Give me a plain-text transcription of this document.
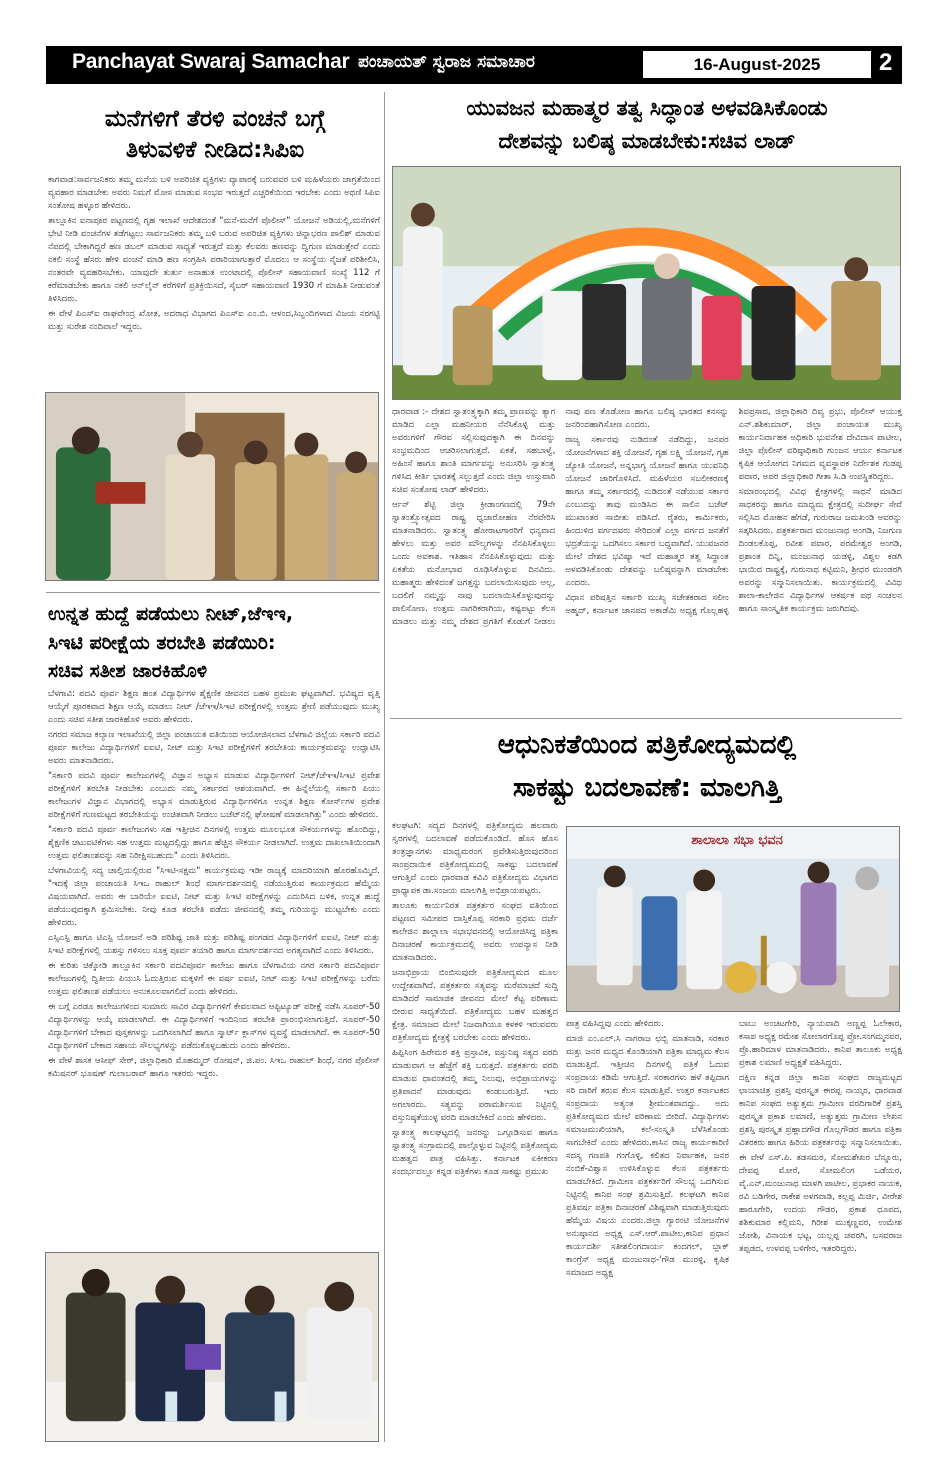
Panchayat Swaraj Samachar ಪಂಚಾಯತ್ ಸ್ವರಾಜ ಸಮಾಚಾರ	16-August-2025	2
ಮನೆಗಳಿಗೆ ತೆರಳಿ ವಂಚನೆ ಬಗ್ಗೆ
ತಿಳುವಳಿಕೆ ನೀಡಿದ:ಸಿಪಿಐ

ಕಾಗವಾಡ:ಸಾರ್ವಜನಿಕರು ತಮ್ಮ ಮನೆಯ ಬಳಿ ಅಪರಿಚಿತ ವ್ಯಕ್ತಿಗಳು ವ್ಯಾಪಾರಕ್ಕೆ ಬರುವವರ ಬಳಿ ಮಹಿಳೆಯರು ಜಾಗ್ರತೆಯಿಂದ ವ್ಯವಹಾರ ಮಾಡಬೇಕು ಅವರು ನಿಮಗೆ ಮೋಸ ಮಾಡುವ ಸಂಭವ ಇರುತ್ತದೆ ಎಚ್ಚರಿಕೆಯಿಂದ ಇರಬೇಕು ಎಂದು ಅಥಣಿ ಸಿಪಿಐ ಸಂತೋಷ ಹಳ್ಳೂರ ಹೇಳಿದರು.

ತಾಲ್ಲೂಕಿನ ಐನಾಪೂರ ಪಟ್ಟಣದಲ್ಲಿ ಗೃಹ ಇಲಾಖೆ ಆದೇಶದಂತೆ "ಮನೆ-ಮನೆಗೆ ಪೊಲೀಸ್" ಯೋಜನೆ ಅಡಿಯಲ್ಲಿ,ಮನೆಗಳಿಗೆ ಭೇಟಿ ನೀಡಿ ವಂಚನೆಗಳ ತಡೆಗಟ್ಟಲು ಸಾರ್ವಜನಿಕರು ತಮ್ಮ ಬಳಿ ಬರುವ ಅಪರಿಚಿತ ವ್ಯಕ್ತಿಗಳು ಚಿನ್ನಾಭರಣ ಪಾಲಿಶ್ ಮಾಡುವ ನೆಪದಲ್ಲಿ ಬೇಕಾಗಿದ್ದರೆ ಹಣ ಡಬಲ್ ಮಾಡುವ ಸಾಧ್ಯತೆ ಇರುತ್ತದೆ ಮತ್ತು ಕೆಲವರು ಹಣವನ್ನು ದ್ವಿಗುಣ ಮಾಡುತ್ತೇವೆ ಎಂದು ನಕಲಿ ಸಂಸ್ಥೆ ಹೆಸರು ಹೇಳಿ ವಂಚನೆ ಮಾಡಿ ಹಣ ಸಂಗ್ರಹಿಸಿ ಪರಾರಿಯಾಗುತ್ತಾರೆ ಮೊದಲು ಆ ಸಂಸ್ಥೆಯ ನೈಜತೆ ಪರಿಶೀಲಿಸಿ, ನಂತರವೇ ವ್ಯವಹರಿಸಬೇಕು. ಯಾವುದೇ ತುರ್ತು ಅನಾಹುತ ಉಂಟಾದಲ್ಲಿ ಪೊಲೀಸ್ ಸಹಾಯವಾಣಿ ಸಂಖ್ಯೆ 112 ಗೆ ಕರೆಮಾಡಬೇಕು ಹಾಗೂ ನಕಲಿ ಆನ್‌ಲೈನ್ ಕರೆಗಳಿಗೆ ಪ್ರತಿಕ್ರಿಯಿಸದೆ, ಸೈಬರ್ ಸಹಾಯವಾಣಿ 1930 ಗೆ ಮಾಹಿತಿ ನೀಡುವಂತೆ ತಿಳಿಸಿದರು.

ಈ ವೇಳೆ ಪಿಎಸ್ಐ ರಾಘವೇಂದ್ರ ಖೋತ, ಅದರಾಧ ವಿಭಾಗದ ಪಿಎಸ್ಐ ಎಂ.ಬಿ. ಆಳಂದ,ಸಿಬ್ಬಂದಿಗಳಾದ ವಿಜಯ ನರಗಟ್ಟಿ ಮತ್ತು ಸುರೇಶ ನಂದಿವಾಲೆ ಇದ್ದರು.

ಉನ್ನತ ಹುದ್ದೆ ಪಡೆಯಲು ನೀಟ್,ಜೆಇಇ,
ಸಿಇಟಿ ಪರೀಕ್ಷೆಯ ತರಬೇತಿ ಪಡೆಯಿರಿ:
ಸಚಿವ ಸತೀಶ ಜಾರಕಿಹೊಳಿ

ಬೆಳಗಾವಿ: ಪದವಿ ಪೂರ್ವ ಶಿಕ್ಷಣ ಹಂತ ವಿದ್ಯಾರ್ಥಿಗಳ ಶೈಕ್ಷಣಿಕ ಜೀವನದ ಬಹಳ ಪ್ರಮುಖ ಘಟ್ಟವಾಗಿದೆ. ಭವಿಷ್ಯದ ವೃತ್ತಿ ಆಯ್ಕೆಗೆ ಪೂರಕವಾದ ಶಿಕ್ಷಣ ಆಯ್ಕೆ ಮಾಡಲು ನೀಟ್ /ಜೆಇಇ/ಸಿಇಟಿ ಪರೀಕ್ಷೆಗಳಲ್ಲಿ ಉತ್ತಮ ಶ್ರೇಣಿ ಪಡೆಯುವುದು ಮುಖ್ಯ ಎಂದು ಸಚಿವ ಸತೀಶ ಜಾರಕಿಹೊಳಿ ಅವರು ಹೇಳಿದರು.

ನಗರದ ಸಮಾಜ ಕಲ್ಯಾಣ ಇಲಾಖೆಯಲ್ಲಿ ಜಿಲ್ಲಾ ಪಂಚಾಯತ ವತಿಯಿಂದ ಆಯೋಜಿಸಲಾದ ಬೆಳಗಾವಿ ಜಿಲ್ಲೆಯ ಸರ್ಕಾರಿ ಪದವಿ ಪೂರ್ವ ಕಾಲೇಜು ವಿದ್ಯಾರ್ಥಿಗಳಿಗೆ ಐಐಟಿ, ನೀಟ್ ಮತ್ತು ಸಿಇಟಿ ಪರೀಕ್ಷೆಗಳಿಗೆ ತರಬೇತಿಯ ಕಾರ್ಯಕ್ರಮವನ್ನು ಉದ್ಘಾಟಿಸಿ ಅವರು ಮಾತನಾಡಿದರು.

"ಸರ್ಕಾರಿ ಪದವಿ ಪೂರ್ವ ಕಾಲೇಜುಗಳಲ್ಲಿ ವಿಜ್ಞಾನ ಅಭ್ಯಾಸ ಮಾಡುವ ವಿದ್ಯಾರ್ಥಿಗಳಿಗೆ ನೀಟ್/ಜೆಇಇ/ಸಿಇಟಿ ಪ್ರವೇಶ ಪರೀಕ್ಷೆಗಳಿಗೆ ತರಬೇತಿ ನೀಡಬೇಕು ಎಂಬುದು ನಮ್ಮ ಸರ್ಕಾರದ ಆಶಯವಾಗಿದೆ. ಈ ಹಿನ್ನೆಲೆಯಲ್ಲಿ ಸರ್ಕಾರಿ ಪಿಯು ಕಾಲೇಜುಗಳ ವಿಜ್ಞಾನ ವಿಭಾಗದಲ್ಲಿ ಅಭ್ಯಾಸ ಮಾಡುತ್ತಿರುವ ವಿದ್ಯಾರ್ಥಿಗಳಿಗೂ ಉನ್ನತ ಶಿಕ್ಷಣ ಕೋರ್ಸ್‌ಗಳ ಪ್ರವೇಶ ಪರೀಕ್ಷೆಗಳಿಗೆ ಗುಣಮಟ್ಟದ ತರಬೇತಿಯನ್ನು ಉಚಿತವಾಗಿ ನೀಡಲು ಬಜೆಟ್‌ನಲ್ಲಿ ಘೋಷಣೆ ಮಾಡಲಾಗಿತ್ತು" ಎಂದು ಹೇಳಿದರು.

"ಸರ್ಕಾರಿ ಪದವಿ ಪೂರ್ವ ಕಾಲೇಜುಗಳು ಸಹ ಇತ್ತೀಚಿನ ದಿನಗಳಲ್ಲಿ ಉತ್ತಮ ಮೂಲಭೂತ ಸೌಕರ್ಯಗಳನ್ನು ಹೊಂದಿದ್ದು, ಶೈಕ್ಷಣಿಕ ಚಟುವಟಿಕೆಗಳು ಸಹ ಉತ್ತಮ ಮಟ್ಟದಲ್ಲಿದ್ದು ಹಾಗೂ ಹೆಚ್ಚಿನ ಸೌಕರ್ಯ ನೀಡಲಾಗಿದೆ. ಉತ್ತಮ ದಾಖಲಾತಿಯಿಂದಾಗಿ ಉತ್ತಮ ಫಲಿತಾಂಶವನ್ನು ಸಹ ನಿರೀಕ್ಷಿಸಬಹುದು" ಎಂದು ತಿಳಿಸಿದರು.

ಬೆಳಗಾವಿಯಲ್ಲಿ ಸದ್ಯ ಚಾಲ್ತಿಯಲ್ಲಿರುವ "ಸಿಇಟಿ-ಸಕ್ಷಮ" ಕಾರ್ಯಕ್ರಮವು ಇಡೀ ರಾಜ್ಯಕ್ಕೆ ಮಾದರಿಯಾಗಿ ಹೊರಹೊಮ್ಮಿದೆ. "ಇದಕ್ಕೆ ಜಿಲ್ಲಾ ಪಂಚಾಯತಿ ಸಿಇಒ ರಾಹುಲ್ ಶಿಂಧೆ ಮಾರ್ಗದರ್ಶನದಲ್ಲಿ ನಡೆಯುತ್ತಿರುವ ಕಾರ್ಯಕ್ರಮದ ಹೆಮ್ಮೆಯ ವಿಷಯವಾಗಿದೆ. ಅವರು ಈ ಬಾರಿಯೇ ಐಐಟಿ, ನೀಟ್ ಮತ್ತು ಸಿಇಟಿ ಪರೀಕ್ಷೆಗಳನ್ನು ಎದುರಿಸಿದ ಬಳಿಕ, ಉನ್ನತ ಹುದ್ದೆ ಪಡೆಯುವುದಕ್ಕಾಗಿ ಶ್ರಮಿಸಬೇಕು. ನೀವು ಕೂಡ ತರಬೇತಿ ಪಡೆದು ಜೀವನದಲ್ಲಿ ತಮ್ಮ ಗುರಿಯನ್ನು ಮುಟ್ಟಬೇಕು ಎಂದು ಹೇಳಿದರು.

ಎಸ್ಸಿಎಸ್ಪಿ ಹಾಗೂ ಟಿಎಸ್ಪಿ ಯೋಜನೆ ಅಡಿ ಪರಿಶಿಷ್ಟ ಜಾತಿ ಮತ್ತು ಪರಿಶಿಷ್ಟ ಪಂಗಡದ ವಿದ್ಯಾರ್ಥಿಗಳಿಗೆ ಐಐಟಿ, ನೀಟ್ ಮತ್ತು ಸಿಇಟಿ ಪರೀಕ್ಷೆಗಳಲ್ಲಿ ಯಶಸ್ಸು ಗಳಿಸಲು ಸೂಕ್ತ ಪೂರ್ವ ತಯಾರಿ ಹಾಗೂ ಮಾರ್ಗದರ್ಶನದ ಅಗತ್ಯವಾಗಿದೆ ಎಂದು ತಿಳಿಸಿದರು.

ಈ ಕುರಿತು ಚಿಕ್ಕೋಡಿ ತಾಲ್ಲೂಕಿನ ಸರ್ಕಾರಿ ಪದವಿಪೂರ್ವ ಕಾಲೇಜು ಹಾಗೂ ಬೆಳಗಾವಿಯ ನಗರ ಸರ್ಕಾರಿ ಪದವಿಪೂರ್ವ ಕಾಲೇಜುಗಳಲ್ಲಿ ದ್ವಿತೀಯ ಪಿಯುಸಿ ಓದುತ್ತಿರುವ ಮಕ್ಕಳಿಗೆ ಈ ವರ್ಷ ಐಐಟಿ, ನೀಟ್ ಮತ್ತು ಸಿಇಟಿ ಪರೀಕ್ಷೆಗಳನ್ನು ಬರೆದು ಉತ್ತಮ ಫಲಿತಾಂಶ ಪಡೆಯಲು ಅನುಕೂಲವಾಗಲಿದೆ ಎಂದು ಹೇಳಿದರು.

ಈ ಬಗ್ಗೆ ಎರಡೂ ಕಾಲೇಜುಗಳಿಂದ ಸುಮಾರು ಸಾವಿರ ವಿದ್ಯಾರ್ಥಿಗಳಿಗೆ ಕೇವಲವಾದ ಆಪ್ಟಿಟ್ಯೂಡ್ ಪರೀಕ್ಷೆ ನಡೆಸಿ ಸೂಪರ್-50 ವಿದ್ಯಾರ್ಥಿಗಳನ್ನು ಆಯ್ಕೆ ಮಾಡಲಾಗಿದೆ. ಈ ವಿದ್ಯಾರ್ಥಿಗಳಿಗೆ ಇಂದಿನಿಂದ ತರಬೇತಿ ಪ್ರಾರಂಭಿಸಲಾಗುತ್ತಿದೆ. ಸೂಪರ್-50 ವಿದ್ಯಾರ್ಥಿಗಳಿಗೆ ಬೇಕಾದ ಪುಸ್ತಕಗಳನ್ನು ಒದಗಿಸಲಾಗಿದೆ ಹಾಗೂ ಸ್ಮಾರ್ಟ್ ಕ್ಲಾಸ್‌ಗಳ ವ್ಯವಸ್ಥೆ ಮಾಡಲಾಗಿದೆ. ಈ ಸೂಪರ್-50 ವಿದ್ಯಾರ್ಥಿಗಳಿಗೆ ಬೇಕಾದ ಸಹಾಯ ಸೌಲಭ್ಯಗಳನ್ನು ಪಡೆದುಕೊಳ್ಳಬಹುದು ಎಂದು ಹೇಳಿದರು.

ಈ ವೇಳೆ ಶಾಸಕ ಆಸೀಫ್ ಸೇಠ್, ಜಿಲ್ಲಾಧಿಕಾರಿ ಮೊಹಮ್ಮದ್ ರೋಷನ್, ಜಿ.ಪಂ. ಸಿಇಒ ರಾಹುಲ್ ಶಿಂಧೆ, ನಗರ ಪೊಲೀಸ್ ಕಮಿಷನರ್ ಭೂಷಣ್ ಗುಲಾಬರಾವ್ ಹಾಗೂ ಇತರರು ಇದ್ದರು.

ಯುವಜನ ಮಹಾತ್ಮರ ತತ್ವ ಸಿದ್ಧಾಂತ ಅಳವಡಿಸಿಕೊಂಡು
ದೇಶವನ್ನು ಬಲಿಷ್ಠ ಮಾಡಬೇಕು:ಸಚಿವ ಲಾಡ್

ಧಾರವಾಡ :- ದೇಶದ ಸ್ವಾತಂತ್ರ್ಯಕ್ಕಾಗಿ ತಮ್ಮ ಪ್ರಾಣವನ್ನು ತ್ಯಾಗ ಮಾಡಿದ ಎಲ್ಲಾ ಮಹನೀಯರ ನೆನೆಸಿಕೊಳ್ಳಿ ಮತ್ತು ಅವರುಗಳಿಗೆ ಗೌರವ ಸಲ್ಲಿಸುವುದಕ್ಕಾಗಿ ಈ ದಿನವನ್ನು ಸಂಭ್ರಮದಿಂದ ಆಚರಿಸಲಾಗುತ್ತದೆ. ಏಕತೆ, ಸಹಬಾಳ್ವೆ, ಅಹಿಂಸೆ ಹಾಗೂ ಶಾಂತಿ ಮಾರ್ಗವನ್ನು ಅನುಸರಿಸಿ ಸ್ವಾತಂತ್ರ್ಯ ಗಳಿಸಿದ ಕೀರ್ತಿ ಭಾರತಕ್ಕೆ ಸಲ್ಲುತ್ತದೆ ಎಂದು ಜಿಲ್ಲಾ ಉಸ್ತುವಾರಿ ಸಚಿವ ಸಂತೋಷ ಲಾಡ್ ಹೇಳಿದರು.

ರ್ಆನ್ ಶೆಟ್ಟಿ ಜಿಲ್ಲಾ ಕ್ರೀಡಾಂಗಣದಲ್ಲಿ 79ನೇ ಸ್ವಾತಂತ್ರ್ಯೋತ್ಸವದ ರಾಷ್ಟ್ರ ಧ್ವಜಾರೋಹಣ ನೆರವೇರಿಸಿ ಮಾತನಾಡಿದರು. ಸ್ವಾತಂತ್ರ್ಯ ಹೋರಾಟಗಾರರಿಗೆ ಧನ್ಯವಾದ ಹೇಳಲು ಮತ್ತು ಅವರ ಮೌಲ್ಯಗಳನ್ನು ನೆನಪಿಸಿಕೊಳ್ಳಲು ಒಂದು ಅವಕಾಶ. ಇತಿಹಾಸ ನೆನಪಿಸಿಕೊಳ್ಳುವುದು ಮತ್ತು ಏಕತೆಯ ಮನೋಭಾವ ರೂಢಿಸಿಕೊಳ್ಳುವ ದಿನವಿದು. ಮಹಾತ್ಮರು ಹೇಳಿದಂತೆ ಜಗತ್ತನ್ನು ಬದಲಾಯಿಸುವುದು ಅಲ್ಲ, ಬದಲಿಗೆ ನಮ್ಮನ್ನು ನಾವು ಬದಲಾಯಿಸಿಕೊಳ್ಳುವುದನ್ನು ಪಾಲಿಸೋಣ. ಉತ್ತಮ ನಾಗರಿಕರಾಗಿಯ, ಕಷ್ಟಪಟ್ಟು ಕೆಲಸ ಮಾಡಲು ಮತ್ತು ನಮ್ಮ ದೇಶದ ಪ್ರಗತಿಗೆ ಕೊಡುಗೆ ನೀಡಲು ನಾವು ಪಣ ತೊಡೋಣ ಹಾಗೂ ಬಲಿಷ್ಠ ಭಾರತದ ಕನಸನ್ನು ಜನರಿಂದಹಾಗಿಸೋಣ ಎಂದರು.

ರಾಜ್ಯ ಸರ್ಕಾರವು ನುಡಿದಂತೆ ನಡೆದಿದ್ದು, ಜನಪರ ಯೋಜನೆಗಳಾದ ಶಕ್ತಿ ಯೋಜನೆ, ಗೃಹ ಲಕ್ಷ್ಮಿ ಯೋಜನೆ, ಗೃಹ ಜ್ಯೋತಿ ಯೋಜನೆ, ಅನ್ನಭಾಗ್ಯ ಯೋಜನೆ ಹಾಗೂ ಯುವನಿಧಿ ಯೋಜನೆ ಜಾರಿಗೊಳಿಸಿದೆ. ಮಹಿಳೆಯರ ಸಬಲೀಕರಣಕ್ಕೆ ಹಾಗೂ ತಮ್ಮ ಸರ್ಕಾರದಲ್ಲಿ ನುಡಿದಂತೆ ನಡೆಯುವ ಸರ್ಕಾರ ಎಂಬುದನ್ನು ತಾವು ಮಂಡಿಸಿದ ಈ ಸಾಲಿನ ಬಜೆಟ್ ಮುಖಾಂತರ ಸಾಬೀತು ಪಡಿಸಿದೆ. ರೈತರು, ಕಾರ್ಮಿಕರು, ಹಿಂದುಳಿದ ವರ್ಗದವರು ಸೇರಿದಂತೆ ಎಲ್ಲಾ ವರ್ಗದ ಜನತೆಗೆ ಭದ್ರತೆಯನ್ನು ಒದಗಿಸಲು ಸರ್ಕಾರ ಬದ್ಧವಾಗಿದೆ. ಯುವಜನರ ಮೇಲೆ ದೇಶದ ಭವಿಷ್ಯಾ ಇದೆ ಮಹಾತ್ಮರ ತತ್ವ ಸಿದ್ಧಾಂತ ಅಳವಡಿಸಿಕೊಂಡು ದೇಶವನ್ನು ಬಲಿಷ್ಠವನ್ನಾಗಿ ಮಾಡಬೇಕು ಎಂದರು.

ವಿಧಾನ ಪರಿಷತ್ತಿನ ಸರ್ಕಾರಿ ಮುಖ್ಯ ಸಚೇತಕರಾದ ಸಲೀಂ ಅಹ್ಮದ್, ಕರ್ನಾಟಕ ಜಾನಪದ ಅಕಾಡೆಮಿ ಅಧ್ಯಕ್ಷ ಗೊಲ್ಲಹಳ್ಳಿ ಶಿವಪ್ರಸಾದ, ಜಿಲ್ಲಾಧಿಕಾರಿ ದಿವ್ಯ ಪ್ರಭು, ಪೊಲೀಸ್ ಆಯುಕ್ತ ಎನ್.ಶಶಿಕುಮಾರ್, ಜಿಲ್ಲಾ ಪಂಚಾಯತ ಮುಖ್ಯ ಕಾರ್ಯನಿರ್ವಾಹಕ ಅಧಿಕಾರಿ ಭುವನೇಶ ದೇವಿದಾಸ ಪಾಟೀಲ, ಜಿಲ್ಲಾ ಪೊಲೀಸ್ ವರಿಷ್ಠಾಧಿಕಾರಿ ಗುಂಜನ ಆರ್ಯ ಕರ್ನಾಟಕ ಕೃಷಿಕ ಆಯೋಗದ ನಿಗಮದ ವ್ಯವಸ್ಥಾಪಕ ನಿರ್ದೇಶಕ ಗುಡಪ್ಪ ಪವಾರ, ಅಪರ ಜಿಲ್ಲಾಧಿಕಾರಿ ಗೀತಾ ಸಿ.ಡಿ ಉಪಸ್ಥಿತರಿದ್ದರು.

ಸಮಾರಂಭದಲ್ಲಿ ವಿವಿಧ ಕ್ಷೇತ್ರಗಳಲ್ಲಿ ಸಾಧನೆ ಮಾಡಿದ ಸಾಧಕರನ್ನು ಹಾಗೂ ಮಾಧ್ಯಮ ಕ್ಷೇತ್ರದಲ್ಲಿ ಸುದೀರ್ಘ ಸೇವೆ ಸಲ್ಲಿಸಿದ ಮೋಹನ ಹೆಗಡೆ, ಗುರುರಾಜ ಜಮಖಂಡಿ ಅವರನ್ನು ಸತ್ಕರಿಸಿದರು. ಪತ್ರಕರ್ತರಾದ ಮಂಜುನಾಥ ಅಂಗಡಿ, ನಿಜಗುಣ ದಿಂಡಲಕೊಪ್ಪ, ರವೀಶ ಪವಾರ, ಪರಮೇಶ್ವರ ಅಂಗಡಿ, ಪ್ರಶಾಂತ ದಿನ್ನಿ, ಮಂಜುನಾಥ ಯಡಳ್ಳಿ, ವಿಶ್ವಲ ಕಡಗಿ ಭಾಯಿದ ರಾಷ್ಟ್ರಕ್ಕೆ, ಗುರುನಾಥ ಕಟ್ಟಿಮನಿ, ಶ್ರೀಧರ ಮುಂಡರಗಿ ಅವರನ್ನು ಸನ್ಮಾನಿಸಲಾಯಿತು. ಕಾರ್ಯಕ್ರಮದಲ್ಲಿ ವಿವಿಧ ಶಾಲಾ-ಕಾಲೇಜಿನ ವಿದ್ಯಾರ್ಥಿಗಳ ಆಕರ್ಷಕ ಪಥ ಸಂಚಲನ ಹಾಗೂ ಸಾಂಸ್ಕೃತಿಕ ಕಾರ್ಯಕ್ರಮ ಜರುಗಿದವು.

ಆಧುನಿಕತೆಯಿಂದ ಪತ್ರಿಕೋದ್ಯಮದಲ್ಲಿ
ಸಾಕಷ್ಟು ಬದಲಾವಣೆ: ಮಾಲಗಿತ್ತಿ

ಕಲಘಟಗಿ: ಸದ್ಯದ ದಿನಗಳಲ್ಲಿ ಪತ್ರಿಕೋದ್ಯಮ ಹಲವಾರು ಸ್ವರಗಳಲ್ಲಿ ಬದಲಾವಣೆ ಪಡೆದುಕೊಂಡಿದೆ. ಹೊಸ ಹೊಸ ತಂತ್ರಜ್ಞಾನಗಳು ಮಾಧ್ಯಮರಂಗ ಪ್ರವೇಶಿಸುತ್ತಿರುವುದರಿಂದ ಸಾಂಪ್ರದಾಯಿಕ ಪತ್ರಿಕೋದ್ಯಮದಲ್ಲಿ ಸಾಕಷ್ಟು ಬದಲಾವಣೆ ಆಗುತ್ತಿವೆ ಎಂದು ಧಾರವಾಡ ಕವಿವಿ ಪತ್ರಿಕೋದ್ಯಮ ವಿಭಾಗದ ಪ್ರಾಧ್ಯಾಪಕ ಡಾ.ಸಂಜಯ ಮಾಲಗಿತ್ತಿ ಅಭಿಪ್ರಾಯಪಟ್ಟರು.

ತಾಲೂಕು ಕಾರ್ಯನಿರತ ಪತ್ರಕರ್ತರ ಸಂಘದ ವತಿಯಿಂದ ಪಟ್ಟಣದ ಸಮೀಪದ ದಾಸ್ತಿಕೊಪ್ಪ ಸರಕಾರಿ ಪ್ರಥಮ ದರ್ಜೆ ಕಾಲೇಜಿನ ಶಾಲ್ಲಾಲಾ ಸಭಾಭವನದಲ್ಲಿ ಆಯೋಜಿಸಿದ್ದ ಪತ್ರಿಕಾ ದಿನಾಚರಣೆ ಕಾರ್ಯಕ್ರಮದಲ್ಲಿ ಅವರು ಉಪನ್ಯಾಸ ನೀಡಿ ಮಾತನಾಡಿದರು.

ಜನಾಭಿಪ್ರಾಯ ಬಿಂಬಿಸುವುದೇ ಪತ್ರಿಕೋದ್ಯಮದ ಮೂಲ ಉದ್ದೇಶವಾಗಿದೆ. ಪತ್ರಕರ್ತರು ಸತ್ಯವನ್ನು ಮರೆಮಾಚದೆ ಸುದ್ದಿ ಮಾಡಿದರೆ ಸಾಮಾಜಿಕ ಜೀವನದ ಮೇಲೆ ಕೆಟ್ಟ ಪರಿಣಾಮ ಬೀರುವ ಸಾಧ್ಯತೆಯಿದೆ. ಪತ್ರಿಕೋದ್ಯಮ ಬಹಳ ಮಹತ್ವದ ಕ್ಷೇತ್ರ. ಸಮಾಜದ ಮೇಲೆ ನಿಜವಾಗಿಯೂ ಕಳಕಳಿ ಇರುವವರು ಪತ್ರಿಕೋದ್ಯಮ ಕ್ಷೇತ್ರಕ್ಕೆ ಬರಬೇಕು ಎಂದು ಹೇಳಿದರು.

ಹಿಪ್ಪಿಸಿಂಗ ಹಿರೇಮಠ ಶಕ್ತಿ ಪ್ರಸ್ತಾವಿಕ, ವಸ್ತುನಿಷ್ಠ ಸತ್ಯದ ವರದಿ ಮಾಡುವಾಗ ಆ ಹೆಜ್ಜೆಗೆ ಶಕ್ತಿ ಬರುತ್ತದೆ. ಪತ್ರಕರ್ತರು ವರದಿ ಮಾಡುವ ಧಾವಂತದಲ್ಲಿ ತಮ್ಮ ನಿಲುವು, ಅಭಿಪ್ರಾಯಗಳನ್ನು ಪ್ರತಿಪಾದನೆ ಮಾಡುವುದು ಕಂಡುಬರುತ್ತಿದೆ. ಇದು ಅಗಲಾರದು. ಸತ್ಯವನ್ನು ಪರಾಮರ್ಶಿಸುವ ನಿಟ್ಟಿನಲ್ಲಿ ವಸ್ತುನಿಷ್ಠತೆಯುಳ್ಳ ವರದಿ ಮಾಡಬೇಕಿದೆ ಎಂದು ಹೇಳಿದರು.

ಸ್ವಾತಂತ್ರ್ಯ ಕಾಲಘಟ್ಟದಲ್ಲಿ ಜನರನ್ನು ಒಗ್ಗೂಡಿಸುವ ಹಾಗೂ ಸ್ವಾತಂತ್ರ್ಯ ಸಂಗ್ರಾಮದಲ್ಲಿ ಪಾಲ್ಗೊಳ್ಳುವ ನಿಟ್ಟಿನಲ್ಲಿ ಪತ್ರಿಕೋದ್ಯಮ ಮಹತ್ವದ ಪಾತ್ರ ವಹಿಸಿತ್ತು. ಕರ್ನಾಟಕ ಏಕೀಕರಣ ಸಂದರ್ಭದಲ್ಲೂ ಕನ್ನಡ ಪತ್ರಿಕೆಗಳು ಕೂಡ ಸಾಕಷ್ಟು ಪ್ರಮುಖ

ಶಾಲಾಲಾ ಸಭಾ ಭವನ

ಪಾತ್ರ ವಹಿಸಿದ್ದವು ಎಂದು ಹೇಳಿದರು.

ಮಾಜಿ ಎಂ.ಎಲ್.ಸಿ ನಾಗರಾಜ ಛಬ್ಬಿ ಮಾತನಾಡಿ, ಸರಕಾರ ಮತ್ತು ಜನರ ಮಧ್ಯದ ಕೊಂಡಿಯಾಗಿ ಪತ್ರಿಕಾ ಮಾಧ್ಯಮ ಕೆಲಸ ಮಾಡುತ್ತಿದೆ. ಇತ್ತೀಚಿನ ದಿನಗಳಲ್ಲಿ ಪತ್ರಿಕೆ ಓದುವ ಸಂಪ್ರದಾಯ ಕಡಿಮೆ ಆಗುತ್ತಿದೆ. ಸರಕಾರಗಳು ಹಳೆ ತಪ್ಪಿದಾಗ ಸರಿ ದಾರಿಗೆ ತರುವ ಕೆಲಸ ಮಾಡುತ್ತಿವೆ. ಉತ್ತರ ಕರ್ನಾಟಕದ ಸಂಪ್ರದಾಯ ಅತ್ಯಂತ ಶ್ರೀಮಂತವಾದದ್ದು. ಅದು ಪ್ರತಿಕೋದ್ಯಮದ ಮೇಲೆ ಪರಿಣಾಮ ಬೀರಿದೆ. ವಿದ್ಯಾರ್ಥಿಗಳು ಸಮಾಜಮುಖಿಯಾಗಿ, ಕಲೆ-ಸಂಸ್ಕೃತಿ ಬೆಳೆಸಿಕೊಂಡು ಸಾಗಬೇಕಿದೆ ಎಂದು ಹೇಳಿದರು.ಕಾಸಿನ ರಾಜ್ಯ ಕಾರ್ಯಕಾರಿಣಿ ಸದಸ್ಯ ಗಣಪತಿ ಗಂಗೊಳ್ಳಿ, ಕಲಿತದ ನಿರ್ವಾಹಕ, ಜನರ ನಂಬಿಕೆ-ವಿಶ್ವಾಸ ಉಳಿಸಿಕೊಳ್ಳುವ ಕೆಲಸ ಪತ್ರಕರ್ತರು ಮಾಡಬೇಕಿದೆ. ಗ್ರಾಮೀಣ ಪತ್ರಕರ್ತರಿಗೆ ಸೌಲಭ್ಯ ಒದಗಿಸುವ ನಿಟ್ಟಿನಲ್ಲಿ ಕಾನಿಪ ಸಂಘ ಶ್ರಮಿಸುತ್ತಿದೆ. ಕಲಘಟಗಿ ಕಾನಿಪ ಪ್ರತಿವರ್ಷ ಪತ್ರಿಕಾ ದಿನಾಚರಣೆ ವಿಶಿಷ್ಟವಾಗಿ ಮಾಡುತ್ತಿರುವುದು ಹೆಮ್ಮೆಯ ವಿಷಯ ಎಂದರು.ಜಿಲ್ಲಾ ಗ್ಯಾರಂಟಿ ಯೋಜನೆಗಳ ಅನುಷ್ಠಾನದ ಅಧ್ಯಕ್ಷ ಎಸ್.ಆರ್.ಪಾಟೀಲ,ಕಾನಿಪ ಪ್ರಧಾನ ಕಾರ್ಯದರ್ಶಿ ಸತೀಶಲಿಂಗದಾರ್ಯ ಕಂದಗಲ್, ಬ್ಲಾಕ್ ಕಾಂಗ್ರೆಸ್ ಅಧ್ಯಕ್ಷ ಮಂಜುನಾಥ-'ಗೌಡ ಮುರಳ್ಳಿ, ಕೃಷಿಕ ಸಮಾಜದ ಅಧ್ಯಕ್ಷ

ಬಾಬು ಅಂಚಟಗೇರಿ, ನ್ಯಾಯವಾದಿ ಅಣ್ಣಪ್ಪ ಓಲೇಕಾರ, ಕಸಾಪ ಅಧ್ಯಕ್ಷ ರಮೇಶ ಸೋಲಾರಗೊಪ್ಪ ಪ್ರೋ.ಸಂಗಮ್ಮನವರ, ಪ್ರೊ.ಹಾರಿಮಾಳ ಮಾತನಾಡಿದರು. ಕಾನಿಪ ತಾಲೂಕು ಅಧ್ಯಕ್ಷ ಪ್ರಕಾಶ ಲಮಾಣಿ ಅಧ್ಯಕ್ಷತೆ ವಹಿಸಿದ್ದರು.

ದಕ್ಷಿಣ ಕನ್ನಡ ಜಿಲ್ಲಾ ಕಾನಿಪ ಸಂಘದ ರಾಜ್ಯಮಟ್ಟದ ಛಾಯಾಚಿತ್ರ ಪ್ರಶಸ್ತಿ ಪುರಸ್ಕೃತ ಈರಪ್ಪ ನಾಯ್ಕರ, ಧಾರವಾಡ ಕಾನಿಪ ಸಂಘದ ಅತ್ಯುತ್ತಮ ಗ್ರಾಮೀಣ ವರದಿಗಾರಿಕೆ ಪ್ರಶಸ್ತಿ ಪುರಸ್ಕೃತ ಪ್ರಕಾಶ ಲಮಾಣಿ, ಅತ್ಯುತ್ತಮ ಗ್ರಾಮೀಣ ಲೇಖನ ಪ್ರಶಸ್ತಿ ಪುರಸ್ಕೃತ ಪ್ರಹ್ಲಾದಗೌಡ ಗೊಲ್ಲಗೌಡರ ಹಾಗೂ ಪತ್ರಿಕಾ ವಿತರಕರು ಹಾಗೂ ಹಿರಿಯ ಪತ್ರಕರ್ತರನ್ನು ಸನ್ಮಾನಿಸಲಾಯಿತು.

ಈ ವೇಳೆ ಎಸ್.ಪಿ. ತಡಸಮಠ, ಸೋಮಶೇಖರ ಬೆನ್ನೂರು, ದೇವಪ್ಪ ಮೋರೆ, ಸೋಮಲಿಂಗ ಒಡೆಯರ, ವೈ.ಎನ್.ಮಂಜುನಾಥ ಮಾಳಗಿ ಪಾಟೀಲ, ಪ್ರಭಾಕರ ನಾಯಕ, ರವಿ ಬಡಿಗೇರ, ರಾಕೇಶ ಅಳಗವಾಡಿ, ಕಲ್ಲಪ್ಪ ಮಿರ್ಜಿ, ವೀರೇಶ ಹಾರೂಗೇರಿ, ಉದಯ ಗೌಡರ, ಪ್ರಕಾಶ ಧೂಪದ, ಶಶಿಕುಮಾರ ಕಲ್ಲಿಮನಿ, ಗಿರೀಶ ಮುಕ್ಕಣ್ಣವರ, ಉಮೇಶ ಜೋಶಿ, ವಿನಾಯಕ ಭಟ್ಟ, ಯಲ್ಲಪ್ಪ ಚವರಗಿ, ಬಸವರಾಜ ತಪ್ಪಡದ, ಉಳವಪ್ಪ ಬಳಿಗೇರ, ಇತರರಿದ್ದರು.
